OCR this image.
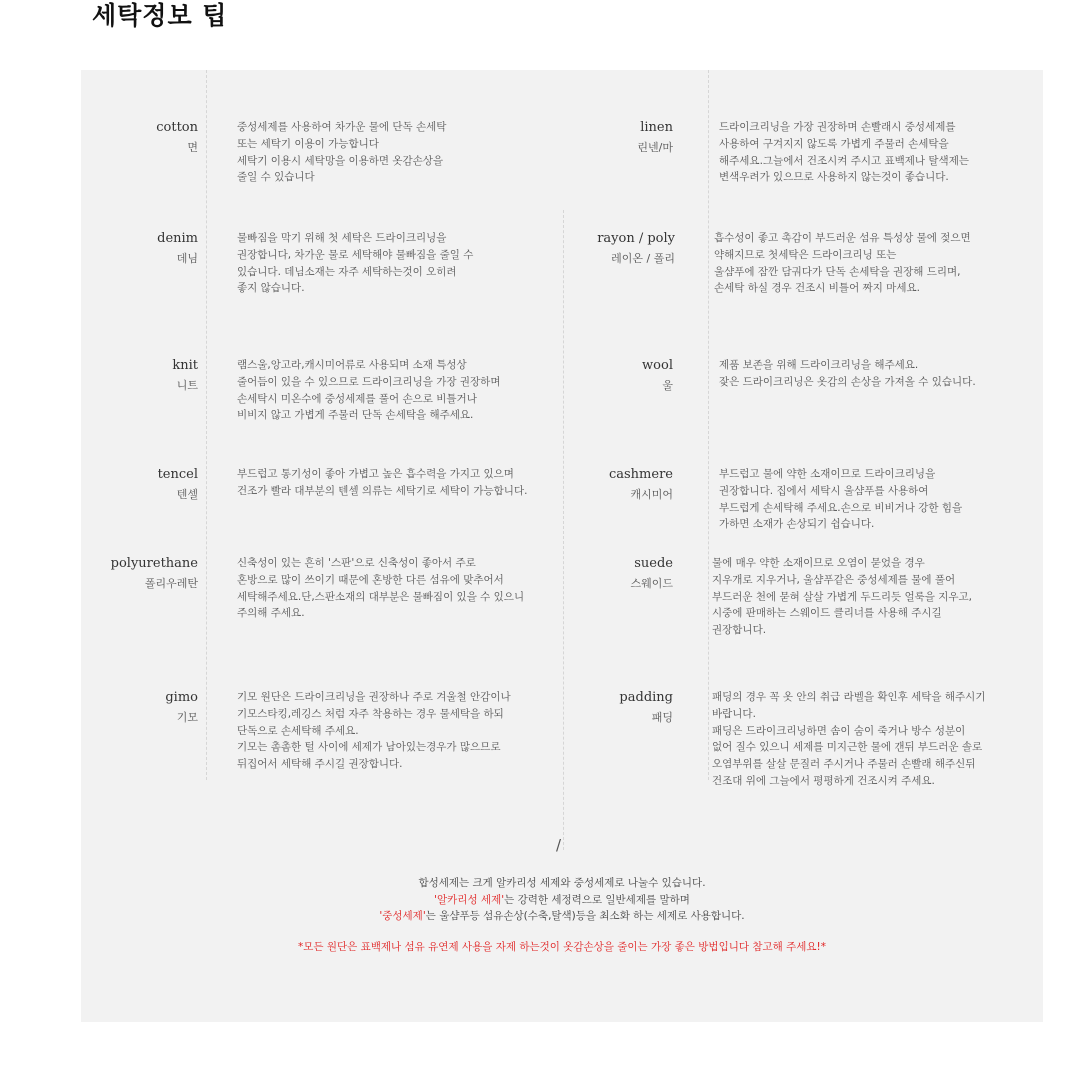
세탁정보 팁
cotton
면
중성세제를 사용하여 차가운 물에 단독 손세탁
또는 세탁기 이용이 가능합니다
세탁기 이용시 세탁망을 이용하면 옷감손상을
줄일 수 있습니다
denim
데님
물빠짐을 막기 위해 첫 세탁은 드라이크리닝을
권장합니다, 차가운 물로 세탁해야 물빠짐을 줄일 수
있습니다. 데님소재는 자주 세탁하는것이 오히려
좋지 않습니다.
knit
니트
램스울,앙고라,캐시미어류로 사용되며 소재 특성상
줄어듬이 있을 수 있으므로 드라이크리닝을 가장 권장하며
손세탁시 미온수에 중성세제를 풀어 손으로 비틀거나
비비지 않고 가볍게 주물러 단독 손세탁을 해주세요.
tencel
텐셀
부드럽고 통기성이 좋아 가볍고 높은 흡수력을 가지고 있으며
건조가 빨라 대부분의 텐셀 의류는 세탁기로 세탁이 가능합니다.
polyurethane
폴리우레탄
신축성이 있는 흔히 '스판'으로 신축성이 좋아서 주로
혼방으로 많이 쓰이기 때문에 혼방한 다른 섬유에 맞추어서
세탁해주세요.단,스판소재의 대부분은 물빠짐이 있을 수 있으니
주의해 주세요.
gimo
기모
기모 원단은 드라이크리닝을 권장하나 주로 겨울철 안감이나
기모스타킹,레깅스 처럼 자주 착용하는 경우 물세탁을 하되
단독으로 손세탁해 주세요.
기모는 촘촘한 털 사이에 세제가 남아있는경우가 많으므로
뒤집어서 세탁해 주시길 권장합니다.
linen
린넨/마
드라이크리닝을 가장 권장하며 손빨래시 중성세제를
사용하여 구겨지지 않도록 가볍게 주물러 손세탁을
해주세요.그늘에서 건조시켜 주시고 표백제나 탈색제는
변색우려가 있으므로 사용하지 않는것이 좋습니다.
rayon / poly
레이온 / 폴리
흡수성이 좋고 촉감이 부드러운 섬유 특성상 물에 젖으면
약해지므로 첫세탁은 드라이크리닝 또는
울샴푸에 잠깐 담궈다가 단독 손세탁을 권장해 드리며,
손세탁 하실 경우 건조시 비틀어 짜지 마세요.
wool
울
제품 보존을 위해 드라이크리닝을 해주세요.
잦은 드라이크리닝은 옷감의 손상을 가져올 수 있습니다.
cashmere
캐시미어
부드럽고 물에 약한 소재이므로 드라이크리닝을
권장합니다. 집에서 세탁시 울샴푸를 사용하여
부드럽게 손세탁해 주세요.손으로 비비거나 강한 힘을
가하면 소재가 손상되기 쉽습니다.
suede
스웨이드
물에 매우 약한 소재이므로 오염이 묻었을 경우
지우개로 지우거나, 울샴푸같은 중성세제를 물에 풀어
부드러운 천에 묻혀 살살 가볍게 두드리듯 얼룩을 지우고,
시중에 판매하는 스웨이드 클리너를 사용해 주시길
권장합니다.
padding
패딩
패딩의 경우 꼭 옷 안의 취급 라벨을 확인후 세탁을 해주시기
바랍니다.
패딩은 드라이크리닝하면 솜이 숨이 죽거나 방수 성분이
없어 질수 있으니 세제를 미지근한 물에 갠뒤 부드러운 솔로
오염부위를 살살 문질러 주시거나 주물러 손빨래 해주신뒤
건조대 위에 그늘에서 평평하게 건조시켜 주세요.
/
합성세제는 크게 알카리성 세제와 중성세제로 나눌수 있습니다.
'알카리성 세제'는 강력한 세정력으로 일반세제를 말하며
'중성세제'는 울샴푸등 섬유손상(수축,탈색)등을 최소화 하는 세제로 사용합니다.
*모든 원단은 표백제나 섬유 유연제 사용을 자제 하는것이 옷감손상을 줄이는 가장 좋은 방법입니다 참고해 주세요!*
